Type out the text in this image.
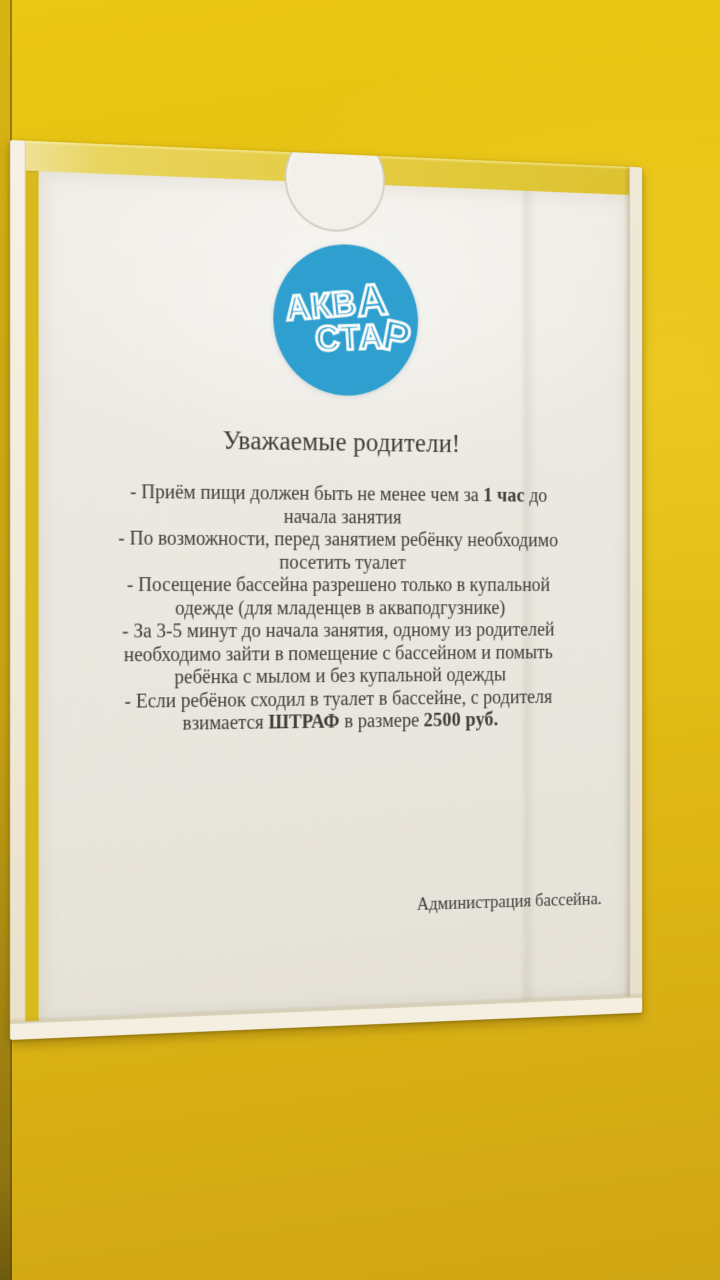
АКВА
СТАР
Уважаемые родители!
- Приём пищи должен быть не менее чем за 1 час до
начала занятия
- По возможности, перед занятием ребёнку необходимо
посетить туалет
- Посещение бассейна разрешено только в купальной
одежде (для младенцев в акваподгузнике)
- За 3-5 минут до начала занятия, одному из родителей
необходимо зайти в помещение с бассейном и помыть
ребёнка с мылом и без купальной одежды
- Если ребёнок сходил в туалет в бассейне, с родителя
взимается ШТРАФ в размере 2500 руб.
Администрация бассейна.
